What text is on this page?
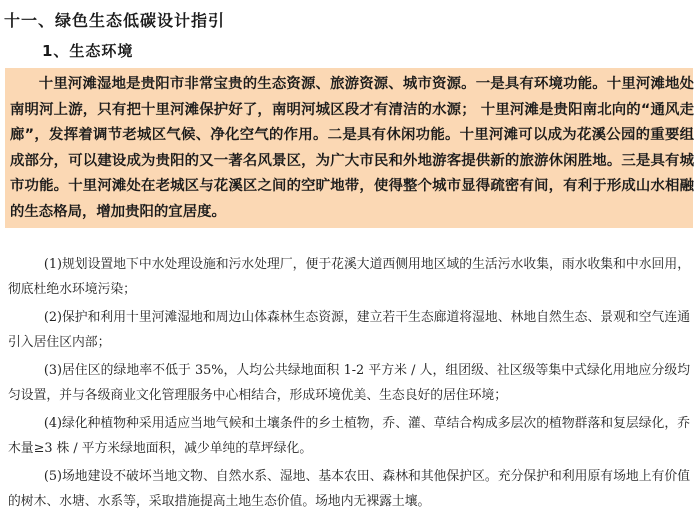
十一、绿色生态低碳设计指引
1、生态环境

十里河滩湿地是贵阳市非常宝贵的生态资源、旅游资源、城市资源。一是具有环境功能。十里河滩地处南明河上游，只有把十里河滩保护好了，南明河城区段才有清洁的水源； 十里河滩是贵阳南北向的“通风走廊”，发挥着调节老城区气候、净化空气的作用。二是具有休闲功能。十里河滩可以成为花溪公园的重要组成部分，可以建设成为贵阳的又一著名风景区，为广大市民和外地游客提供新的旅游休闲胜地。三是具有城市功能。十里河滩处在老城区与花溪区之间的空旷地带，使得整个城市显得疏密有间，有利于形成山水相融的生态格局，增加贵阳的宜居度。

(1)规划设置地下中水处理设施和污水处理厂，便于花溪大道西侧用地区域的生活污水收集，雨水收集和中水回用，彻底杜绝水环境污染；

(2)保护和利用十里河滩湿地和周边山体森林生态资源，建立若干生态廊道将湿地、林地自然生态、景观和空气连通引入居住区内部；

(3)居住区的绿地率不低于 35%，人均公共绿地面积 1-2 平方米 / 人，组团级、社区级等集中式绿化用地应分级均匀设置，并与各级商业文化管理服务中心相结合，形成环境优美、生态良好的居住环境；

(4)绿化种植物种采用适应当地气候和土壤条件的乡土植物，乔、灌、草结合构成多层次的植物群落和复层绿化，乔木量≥3 株 / 平方米绿地面积，减少单纯的草坪绿化。

(5)场地建设不破坏当地文物、自然水系、湿地、基本农田、森林和其他保护区。充分保护和利用原有场地上有价值的树木、水塘、水系等，采取措施提高土地生态价值。场地内无裸露土壤。
